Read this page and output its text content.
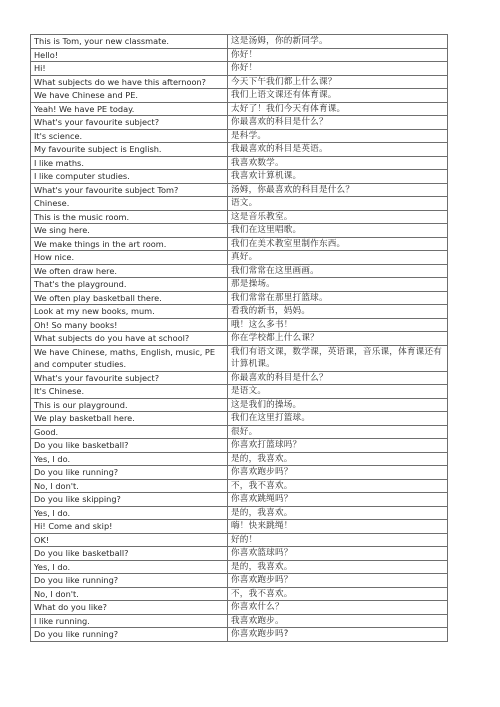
This is Tom, your new classmate.	这是汤姆，你的新同学。
Hello!	你好！
Hi!	你好！
What subjects do we have this afternoon?	今天下午我们都上什么课？
We have Chinese and PE.	我们上语文课还有体育课。
Yeah! We have PE today.	太好了！我们今天有体育课。
What's your favourite subject?	你最喜欢的科目是什么？
It's science.	是科学。
My favourite subject is English.	我最喜欢的科目是英语。
I like maths.	我喜欢数学。
I like computer studies.	我喜欢计算机课。
What's your favourite subject Tom?	汤姆，你最喜欢的科目是什么？
Chinese.	语文。
This is the music room.	这是音乐教室。
We sing here.	我们在这里唱歌。
We make things in the art room.	我们在美术教室里制作东西。
How nice.	真好。
We often draw here.	我们常常在这里画画。
That's the playground.	那是操场。
We often play basketball there.	我们常常在那里打篮球。
Look at my new books, mum.	看我的新书，妈妈。
Oh! So many books!	哦！这么多书！
What subjects do you have at school?	你在学校都上什么课？
We have Chinese, maths, English, music, PE and computer studies.	我们有语文课，数学课，英语课，音乐课，体育课还有计算机课。
What's your favourite subject?	你最喜欢的科目是什么？
It's Chinese.	是语文。
This is our playground.	这是我们的操场。
We play basketball here.	我们在这里打篮球。
Good.	很好。
Do you like basketball?	你喜欢打篮球吗？
Yes, I do.	是的，我喜欢。
Do you like running?	你喜欢跑步吗？
No, I don't.	不，我不喜欢。
Do you like skipping?	你喜欢跳绳吗？
Yes, I do.	是的，我喜欢。
Hi! Come and skip!	嗨！快来跳绳！
OK!	好的！
Do you like basketball?	你喜欢篮球吗？
Yes, I do.	是的，我喜欢。
Do you like running?	你喜欢跑步吗？
No, I don't.	不，我不喜欢。
What do you like?	你喜欢什么？
I like running.	我喜欢跑步。
Do you like running?	你喜欢跑步吗?
